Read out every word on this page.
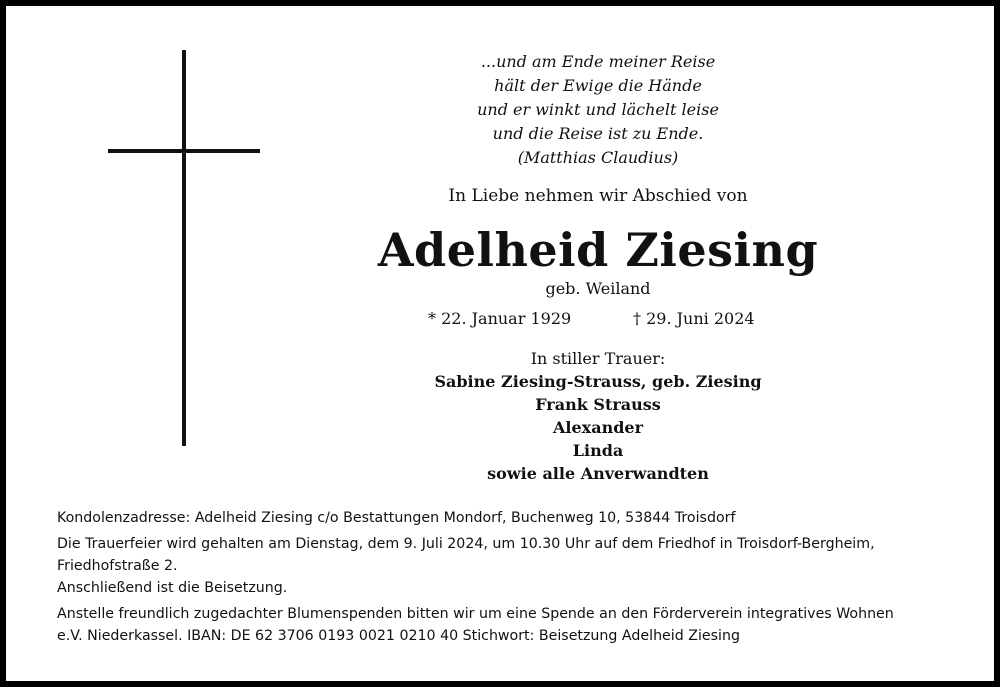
...und am Ende meiner Reise
hält der Ewige die Hände
und er winkt und lächelt leise
und die Reise ist zu Ende.
(Matthias Claudius)
In Liebe nehmen wir Abschied von
Adelheid Ziesing
geb. Weiland
* 22. Januar 1929	† 29. Juni 2024
In stiller Trauer:
Sabine Ziesing-Strauss, geb. Ziesing
Frank Strauss
Alexander
Linda
sowie alle Anverwandten

Kondolenzadresse: Adelheid Ziesing c/o Bestattungen Mondorf, Buchenweg 10, 53844 Troisdorf

Die Trauerfeier wird gehalten am Dienstag, dem 9. Juli 2024, um 10.30 Uhr auf dem Friedhof in Troisdorf-Bergheim,

Friedhofstraße 2.

Anschließend ist die Beisetzung.

Anstelle freundlich zugedachter Blumenspenden bitten wir um eine Spende an den Förderverein integratives Wohnen

e.V. Niederkassel. IBAN: DE 62 3706 0193 0021 0210 40 Stichwort: Beisetzung Adelheid Ziesing
